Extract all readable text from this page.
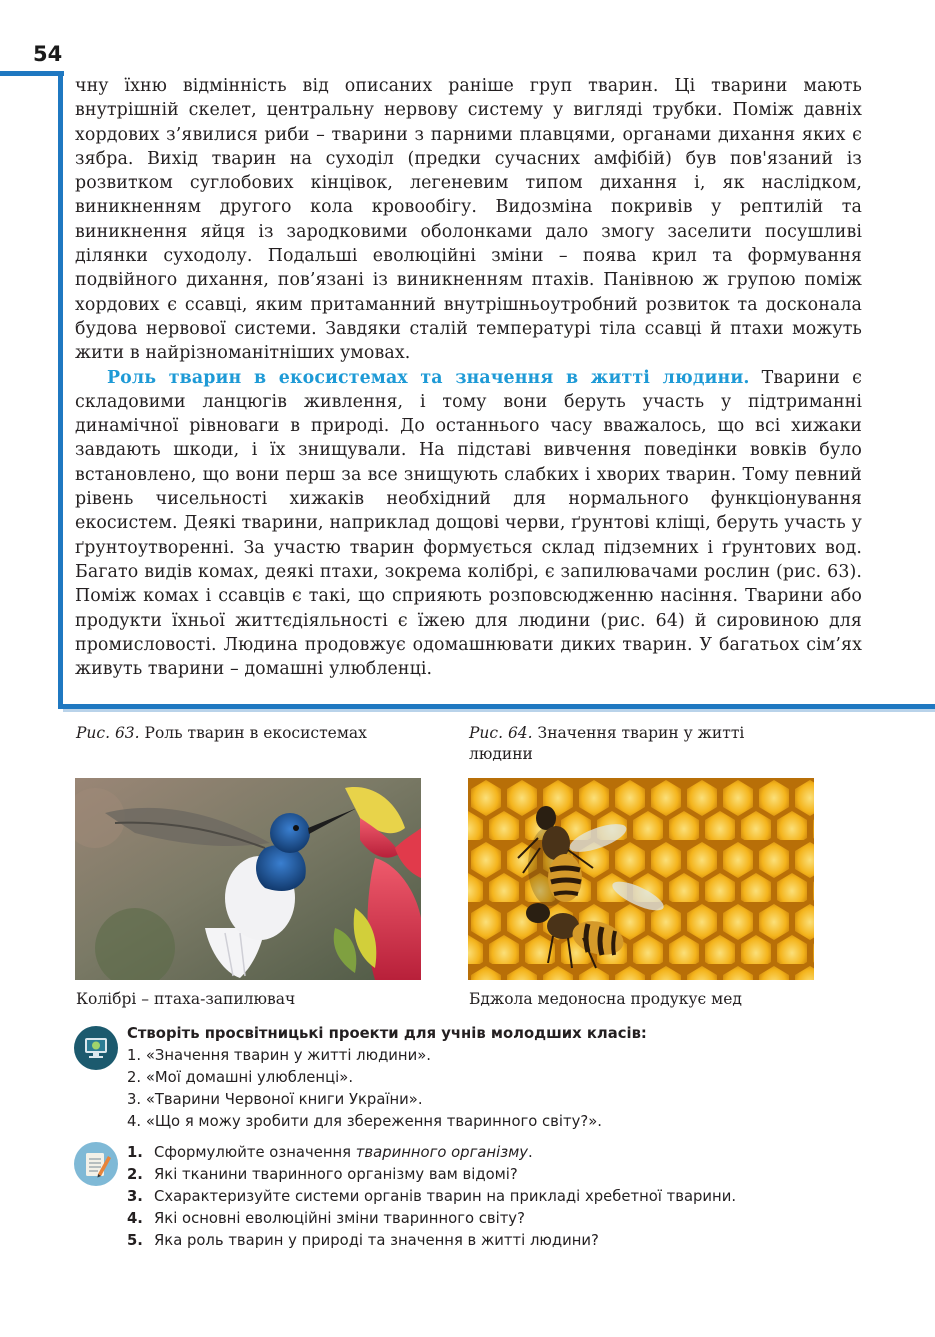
54

чну їхню відмінність від описаних раніше груп тварин. Ці тварини мають внутрішній скелет, центральну нервову систему у вигляді трубки. Поміж давніх хордових з’явилися риби – тварини з парними плавцями, органами дихання яких є зябра. Вихід тварин на суходіл (предки сучасних амфібій) був пов'язаний із розвитком суглобових кінцівок, легеневим типом дихання і, як наслідком, виникненням другого кола кровообігу. Видозміна покривів у рептилій та виникнення яйця із зародковими оболонками дало змогу заселити посушливі ділянки суходолу. Подальші еволюційні зміни – поява крил та формування подвійного дихання, пов’язані із виникненням птахів. Панівною ж групою поміж хордових є ссавці, яким притаманний внутрішньоутробний розвиток та досконала будова нервової системи. Завдяки сталій температурі тіла ссавці й птахи можуть жити в найрізноманітніших умовах.

Роль тварин в екосистемах та значення в житті людини. Тварини є складовими ланцюгів живлення, і тому вони беруть участь у підтриманні динамічної рівноваги в природі. До останнього часу вважалось, що всі хижаки завдають шкоди, і їх знищували. На підставі вивчення поведінки вовків було встановлено, що вони перш за все знищують слабких і хворих тварин. Тому певний рівень чисельності хижаків необхідний для нормального функціонування екосистем. Деякі тварини, наприклад дощові черви, ґрунтові кліщі, беруть участь у ґрунтоутворенні. За участю тварин формується склад підземних і ґрунтових вод. Багато видів комах, деякі птахи, зокрема колібрі, є запилювачами рослин (рис. 63). Поміж комах і ссавців є такі, що сприяють розповсюдженню насіння. Тварини або продукти їхньої життєдіяльності є їжею для людини (рис. 64) й сировиною для промисловості. Людина продовжує одомашнювати диких тварин. У багатьох сім’ях живуть тварини – домашні улюбленці.

Рис. 63. Роль тварин в екосистемах
Колібрі – птаха-запилювач
Рис. 64. Значення тварин у житті людини
Бджола медоносна продукує мед
Створіть просвітницькі проекти для учнів молодших класів:
1. «Значення тварин у житті людини».
2. «Мої домашні улюбленці».
3. «Тварини Червоної книги України».
4. «Що я можу зробити для збереження тваринного світу?».
1. Сформулюйте означення тваринного організму.
2. Які тканини тваринного організму вам відомі?
3. Схарактеризуйте системи органів тварин на прикладі хребетної тварини.
4. Які основні еволюційні зміни тваринного світу?
5. Яка роль тварин у природі та значення в житті людини?
